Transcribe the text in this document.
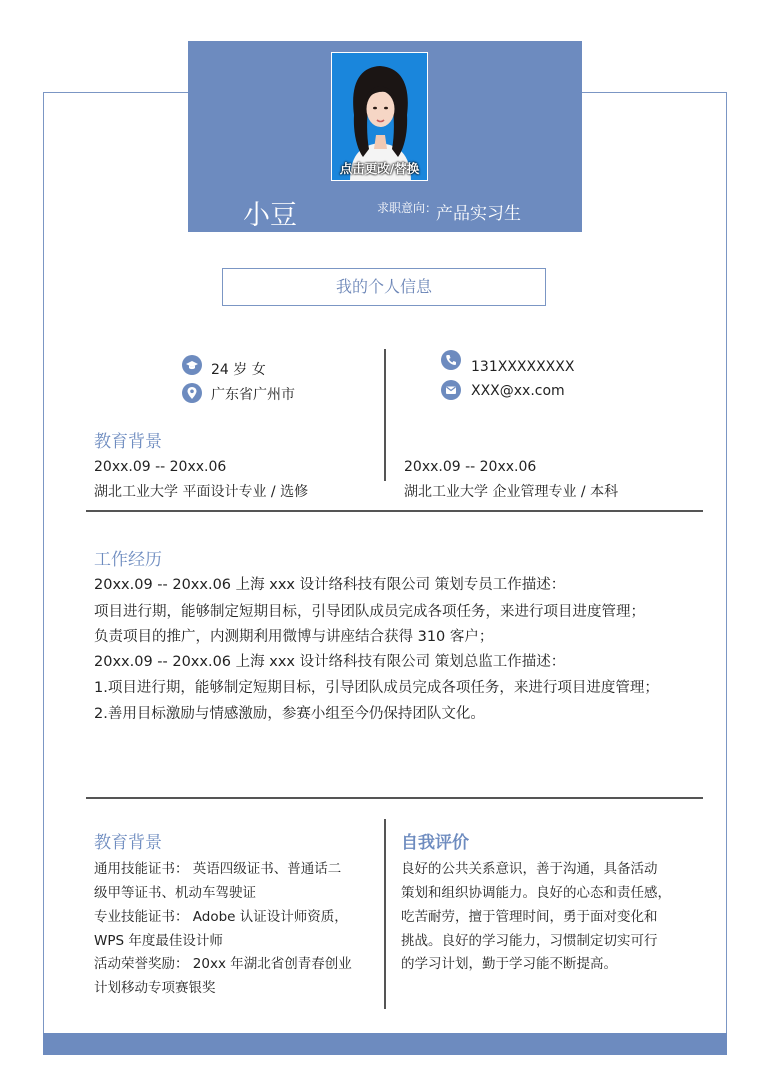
点击更改/替换
小豆	求职意向：
产品实习生
我的个人信息
24 岁 女
广东省广州市
131XXXXXXXX
XXX@xx.com
教育背景
20xx.09 -- 20xx.06
湖北工业大学 平面设计专业 / 选修
20xx.09 -- 20xx.06
湖北工业大学 企业管理专业 / 本科
工作经历
20xx.09 -- 20xx.06 上海 xxx 设计络科技有限公司 策划专员工作描述：
项目进行期，能够制定短期目标，引导团队成员完成各项任务，来进行项目进度管理；
负责项目的推广，内测期利用微博与讲座结合获得 310 客户；
20xx.09 -- 20xx.06 上海 xxx 设计络科技有限公司 策划总监工作描述：
1.项目进行期，能够制定短期目标，引导团队成员完成各项任务，来进行项目进度管理；
2.善用目标激励与情感激励，参赛小组至今仍保持团队文化。
教育背景
通用技能证书： 英语四级证书、普通话二
级甲等证书、机动车驾驶证
专业技能证书： Adobe 认证设计师资质，
WPS 年度最佳设计师
活动荣誉奖励： 20xx 年湖北省创青春创业
计划移动专项赛银奖
自我评价
良好的公共关系意识，善于沟通，具备活动
策划和组织协调能力。良好的心态和责任感，
吃苦耐劳，擅于管理时间，勇于面对变化和
挑战。良好的学习能力，习惯制定切实可行
的学习计划，勤于学习能不断提高。
